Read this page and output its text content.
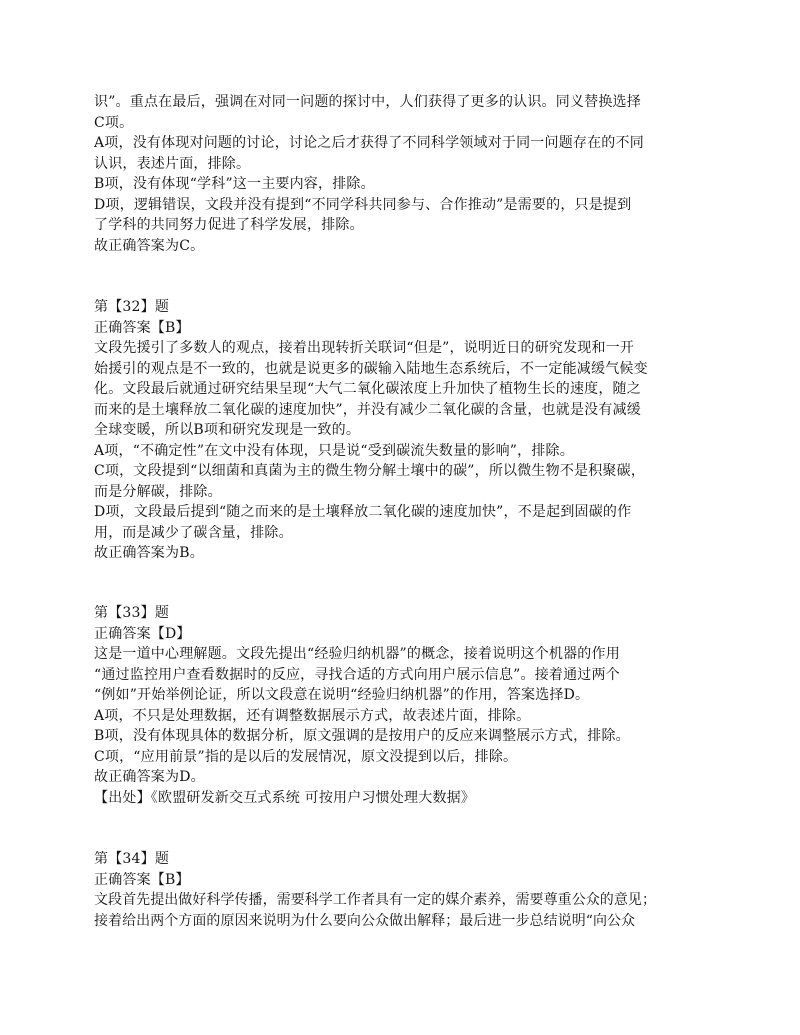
识”。重点在最后，强调在对同一问题的探讨中，人们获得了更多的认识。同义替换选择
C项。
A项，没有体现对问题的讨论，讨论之后才获得了不同科学领域对于同一问题存在的不同
认识，表述片面，排除。
B项，没有体现“学科”这一主要内容，排除。
D项，逻辑错误，文段并没有提到“不同学科共同参与、合作推动”是需要的，只是提到
了学科的共同努力促进了科学发展，排除。
故正确答案为C。
第【32】题
正确答案【B】
文段先援引了多数人的观点，接着出现转折关联词“但是”，说明近日的研究发现和一开
始援引的观点是不一致的，也就是说更多的碳输入陆地生态系统后，不一定能减缓气候变
化。文段最后就通过研究结果呈现“大气二氧化碳浓度上升加快了植物生长的速度，随之
而来的是土壤释放二氧化碳的速度加快”，并没有减少二氧化碳的含量，也就是没有减缓
全球变暖，所以B项和研究发现是一致的。
A项，“不确定性”在文中没有体现，只是说“受到碳流失数量的影响”，排除。
C项，文段提到“以细菌和真菌为主的微生物分解土壤中的碳”，所以微生物不是积聚碳，
而是分解碳，排除。
D项，文段最后提到“随之而来的是土壤释放二氧化碳的速度加快”，不是起到固碳的作
用，而是减少了碳含量，排除。
故正确答案为B。
第【33】题
正确答案【D】
这是一道中心理解题。文段先提出“经验归纳机器”的概念，接着说明这个机器的作用
“通过监控用户查看数据时的反应，寻找合适的方式向用户展示信息”。接着通过两个
“例如”开始举例论证，所以文段意在说明“经验归纳机器”的作用，答案选择D。
A项，不只是处理数据，还有调整数据展示方式，故表述片面，排除。
B项，没有体现具体的数据分析，原文强调的是按用户的反应来调整展示方式，排除。
C项，“应用前景”指的是以后的发展情况，原文没提到以后，排除。
故正确答案为D。
【出处】《欧盟研发新交互式系统 可按用户习惯处理大数据》
第【34】题
正确答案【B】
文段首先提出做好科学传播，需要科学工作者具有一定的媒介素养，需要尊重公众的意见；
接着给出两个方面的原因来说明为什么要向公众做出解释；最后进一步总结说明“向公众
